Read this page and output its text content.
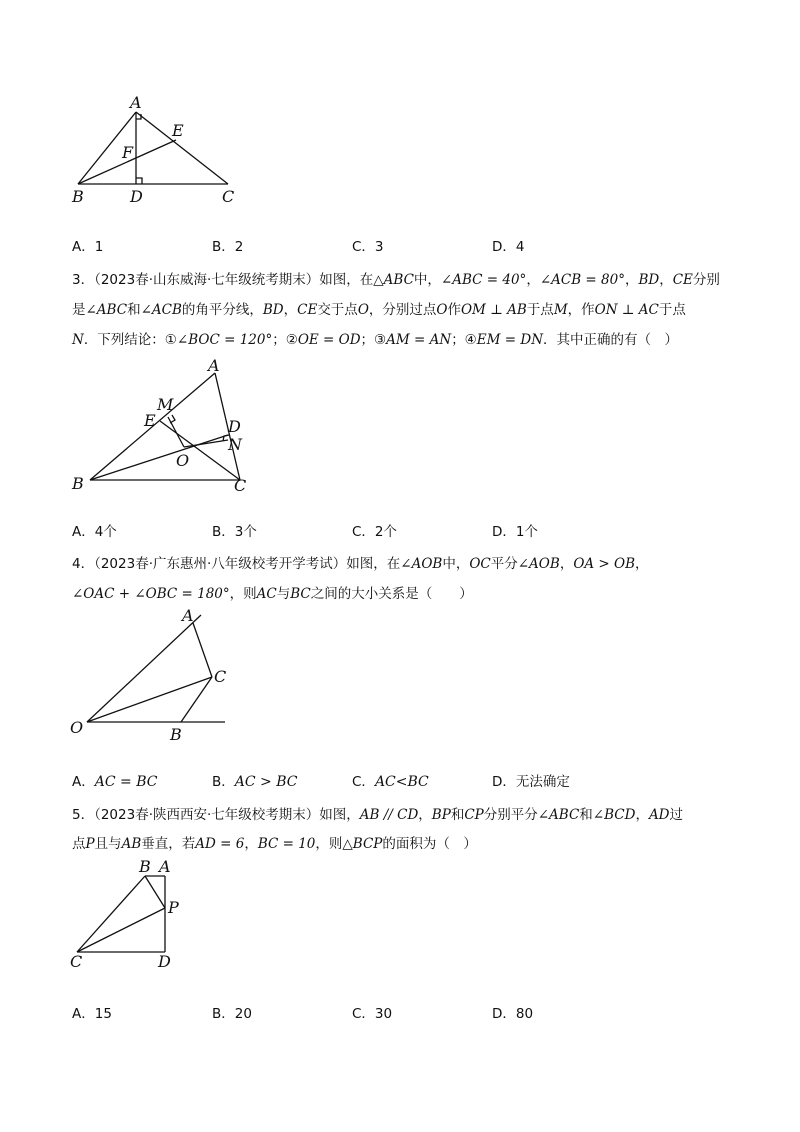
A
E
F
B	D	C
A．1	B．2	C．3	D．4
3．（2023春·山东威海·七年级统考期末）如图，在△ABC中，∠ABC = 40°，∠ACB = 80°，BD，CE分别
是∠ABC和∠ACB的角平分线，BD，CE交于点O，分别过点O作OM ⊥ AB于点M，作ON ⊥ AC于点
N．下列结论：①∠BOC = 120°；②OE = OD；③AM = AN；④EM = DN．其中正确的有（　）
A
M
E	D
N
O
B	C
A．4个	B．3个	C．2个	D．1个
4．（2023春·广东惠州·八年级校考开学考试）如图，在∠AOB中，OC平分∠AOB，OA > OB，
∠OAC + ∠OBC = 180°，则AC与BC之间的大小关系是（　　）
A
C
O	B
A．AC = BC	B．AC > BC	C．AC<BC	D．无法确定
5．（2023春·陕西西安·七年级校考期末）如图，AB // CD，BP和CP分别平分∠ABC和∠BCD，AD过
点P且与AB垂直，若AD = 6，BC = 10，则△BCP的面积为（　）
B A
P
C	D
A．15	B．20	C．30	D．80
